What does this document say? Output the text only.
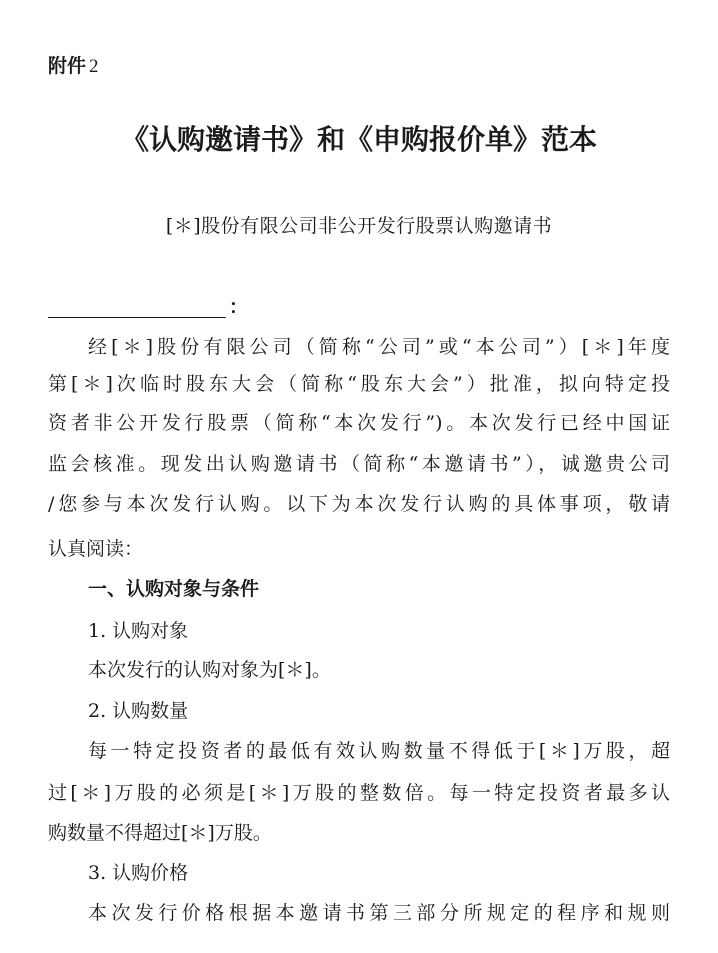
附件 2
《认购邀请书》和《申购报价单》范本
[＊]股份有限公司非公开发行股票认购邀请书
：
经[＊]股份有限公司（简称“公司”或“本公司”）[＊]年度
第[＊]次临时股东大会（简称“股东大会”）批准，拟向特定投
资者非公开发行股票（简称“本次发行”)。本次发行已经中国证
监会核准。现发出认购邀请书（简称“本邀请书”），诚邀贵公司
/您参与本次发行认购。以下为本次发行认购的具体事项，敬请
认真阅读：
一、认购对象与条件
1. 认购对象
本次发行的认购对象为[＊]。
2. 认购数量
每一特定投资者的最低有效认购数量不得低于[＊]万股，超
过[＊]万股的必须是[＊]万股的整数倍。每一特定投资者最多认
购数量不得超过[＊]万股。
3. 认购价格
本次发行价格根据本邀请书第三部分所规定的程序和规则
